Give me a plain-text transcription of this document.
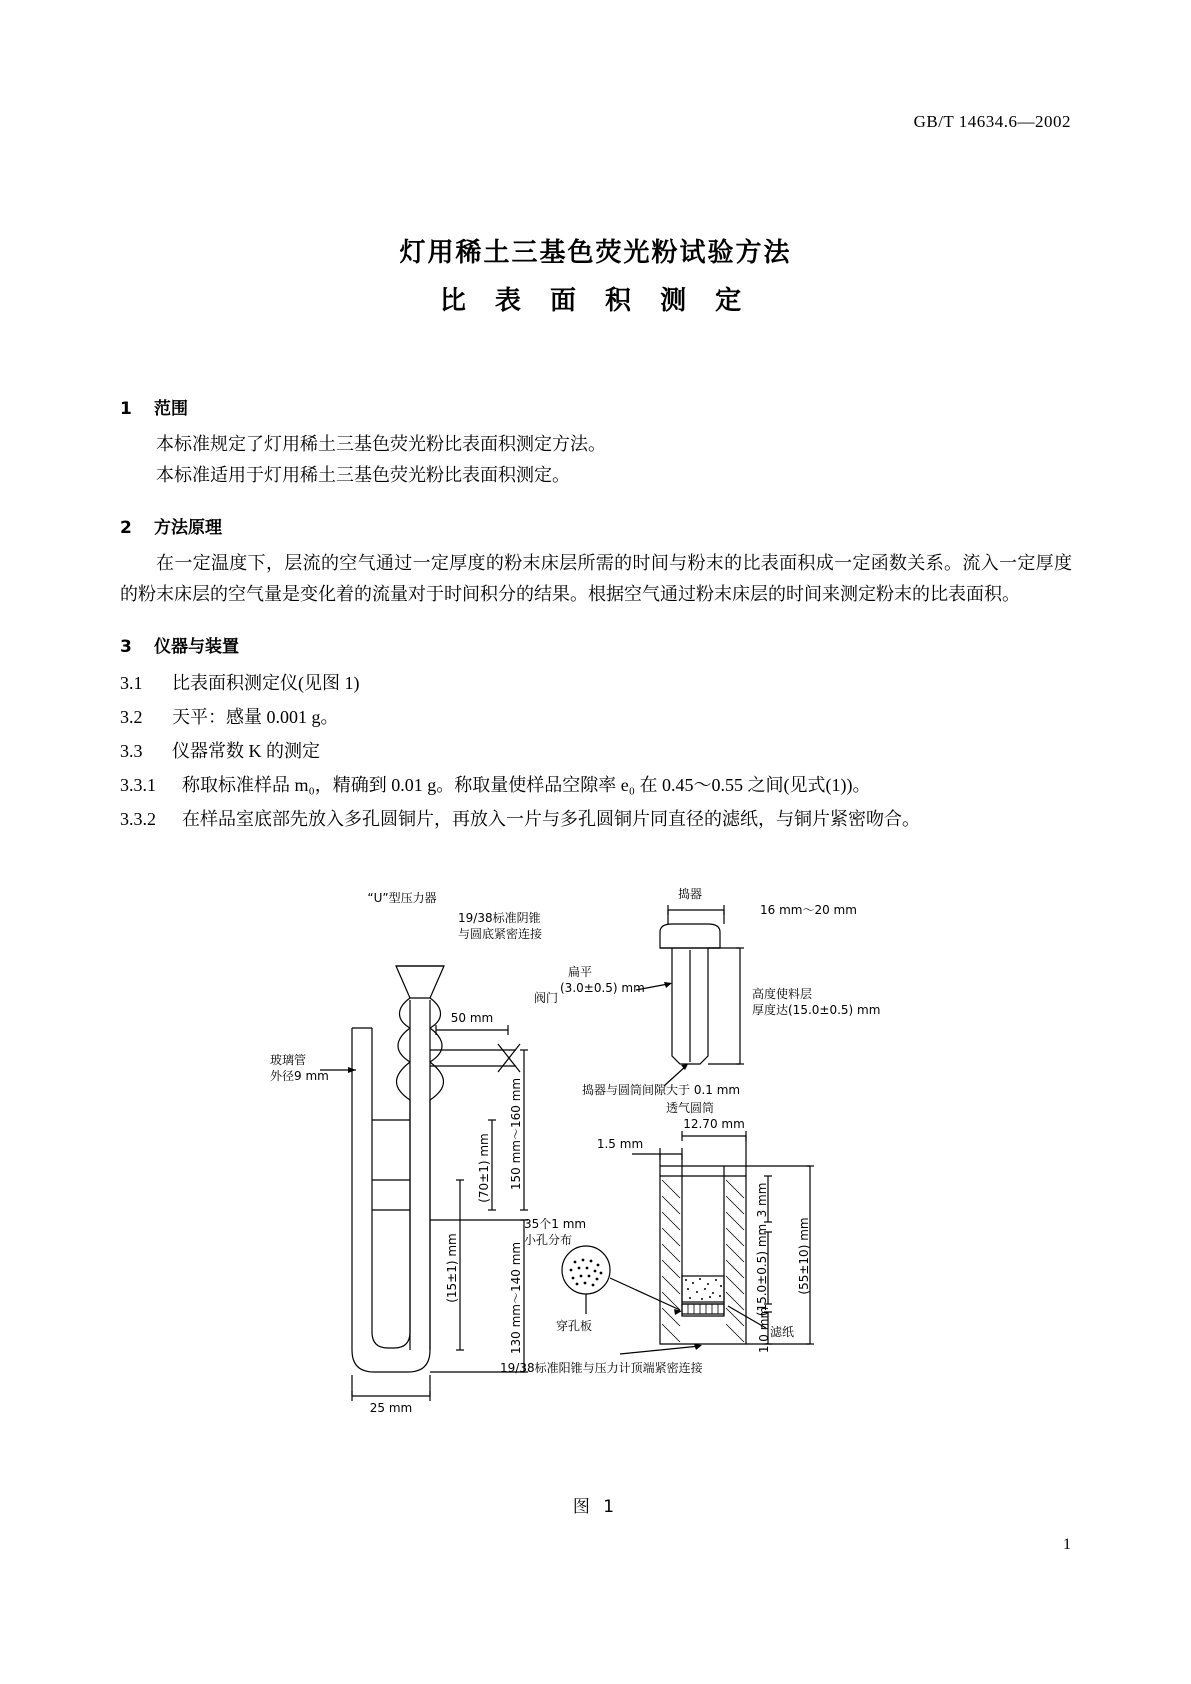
GB/T 14634.6—2002
灯用稀土三基色荧光粉试验方法
比 表 面 积 测 定
1 范围
本标准规定了灯用稀土三基色荧光粉比表面积测定方法。
本标准适用于灯用稀土三基色荧光粉比表面积测定。
2 方法原理
在一定温度下，层流的空气通过一定厚度的粉末床层所需的时间与粉末的比表面积成一定函数关系。流入一定厚度的粉末床层的空气量是变化着的流量对于时间积分的结果。根据空气通过粉末床层的时间来测定粉末的比表面积。
3 仪器与装置
3.1 比表面积测定仪(见图 1)
3.2 天平：感量 0.001 g。
3.3 仪器常数 K 的测定
3.3.1 称取标准样品 m₀，精确到 0.01 g。称取量使样品空隙率 e₀ 在 0.45～0.55 之间(见式(1))。
3.3.2 在样品室底部先放入多孔圆铜片，再放入一片与多孔圆铜片同直径的滤纸，与铜片紧密吻合。
“U”型压力器
19/38标准阴锥
与圆底紧密连接
阀门
50 mm
玻璃管
外径9 mm
150 mm～160 mm
(70±1) mm
(15±1) mm	130 mm～140 mm
25 mm
捣器
16 mm～20 mm
扁平
(3.0±0.5) mm	高度使料层
厚度达(15.0±0.5) mm
捣器与圆筒间隙大于 0.1 mm
透气圆筒
1.5 mm
12.70 mm
3 mm
(15.0±0.5) mm
1.0 mm
(55±10) mm
35个1 mm
小孔分布
穿孔板	滤纸
19/38标准阳锥与压力计顶端紧密连接
图 1
1
